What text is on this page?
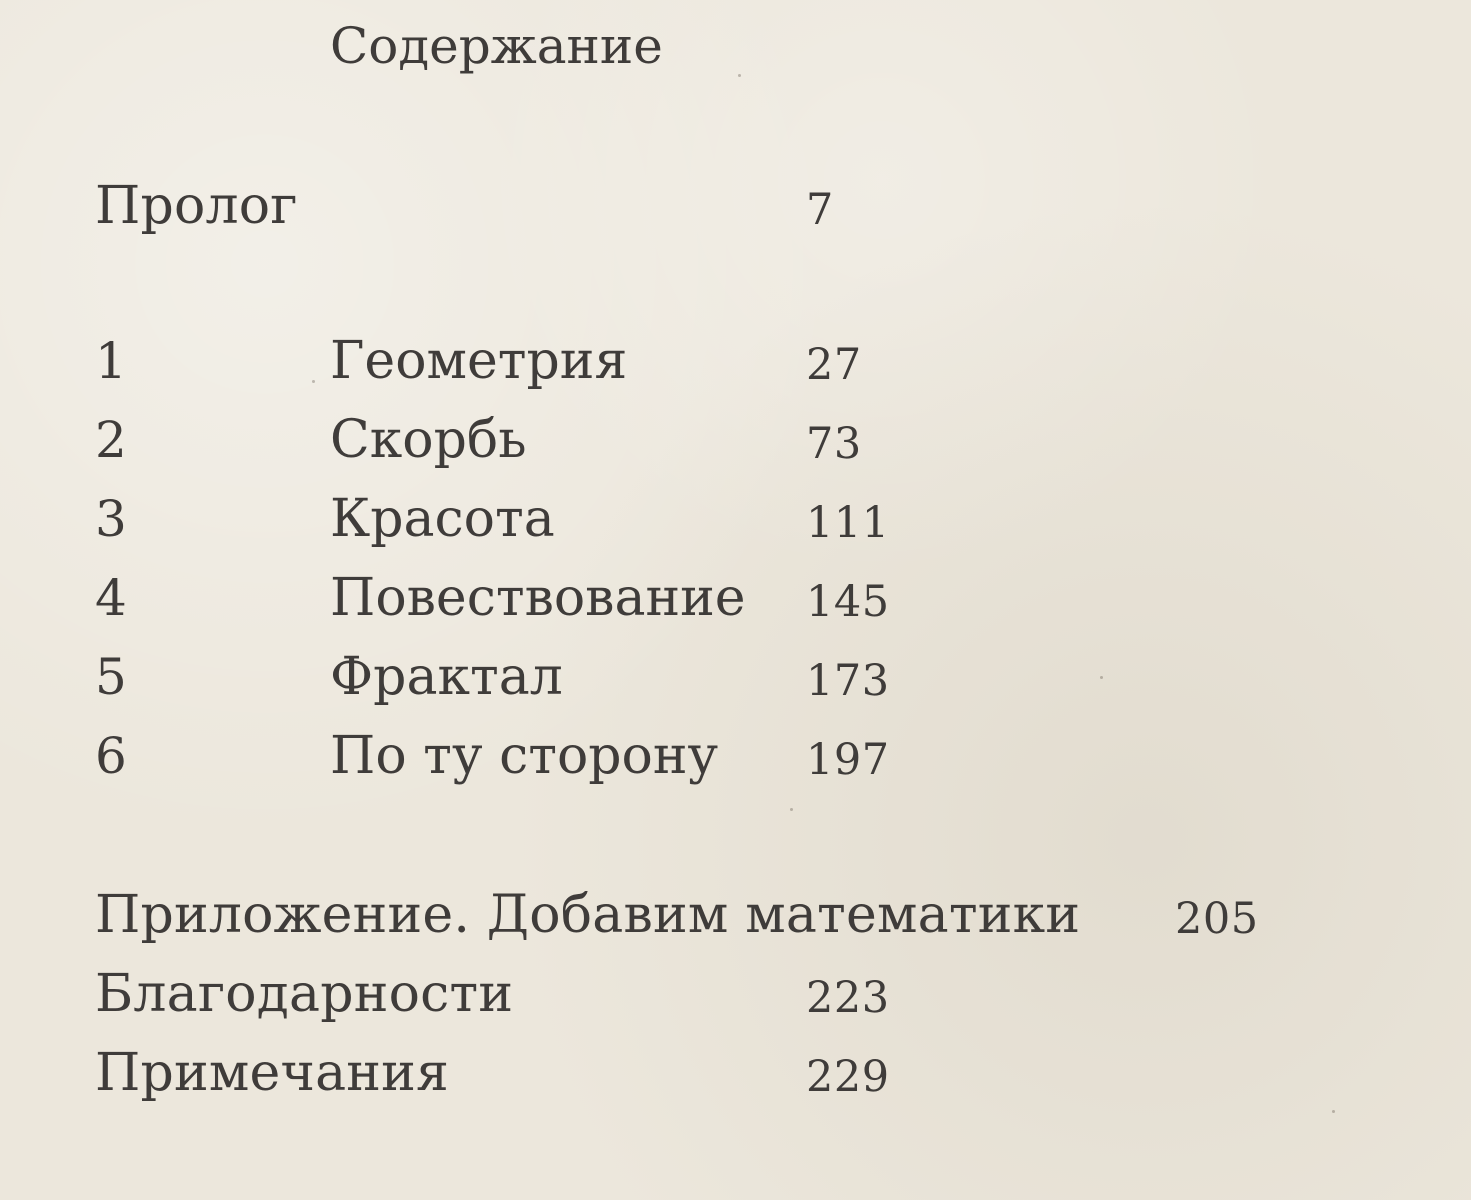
Содержание
Пролог	7
1	Геометрия	27
2	Скорбь	73
3	Красота	111
4	Повествование 145
5	Фрактал	173
6	По ту сторону 197
Приложение. Добавим математики 205
Благодарности	223
Примечания	229
